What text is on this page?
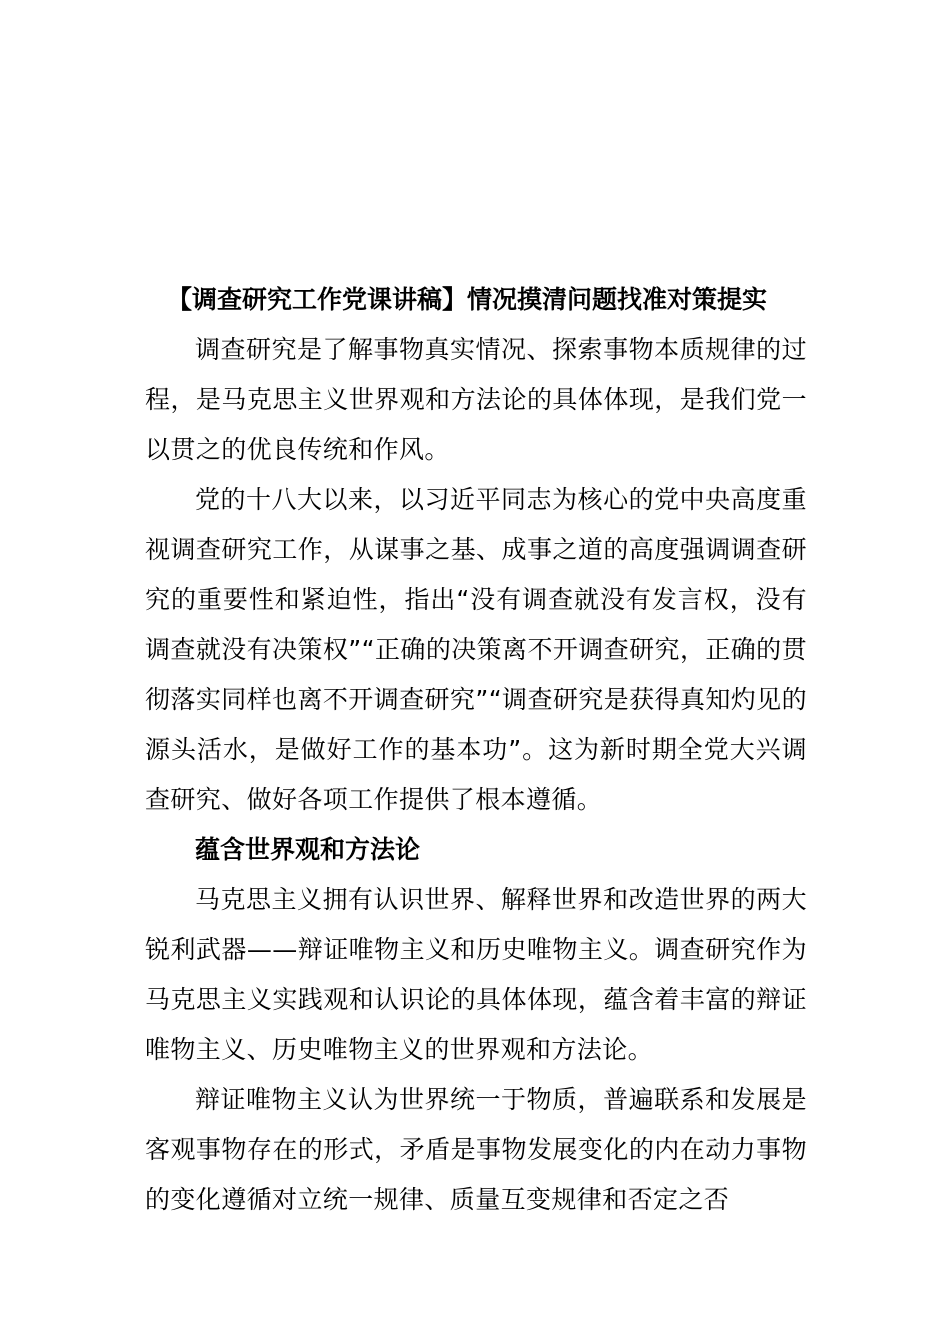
【调查研究工作党课讲稿】情况摸清问题找准对策提实

调查研究是了解事物真实情况、探索事物本质规律的过程，是马克思主义世界观和方法论的具体体现，是我们党一以贯之的优良传统和作风。

党的十八大以来，以习近平同志为核心的党中央高度重视调查研究工作，从谋事之基、成事之道的高度强调调查研究的重要性和紧迫性，指出“没有调查就没有发言权，没有调查就没有决策权”“正确的决策离不开调查研究，正确的贯彻落实同样也离不开调查研究”“调查研究是获得真知灼见的源头活水，是做好工作的基本功”。这为新时期全党大兴调查研究、做好各项工作提供了根本遵循。

蕴含世界观和方法论

马克思主义拥有认识世界、解释世界和改造世界的两大锐利武器——辩证唯物主义和历史唯物主义。调查研究作为马克思主义实践观和认识论的具体体现，蕴含着丰富的辩证唯物主义、历史唯物主义的世界观和方法论。

辩证唯物主义认为世界统一于物质，普遍联系和发展是客观事物存在的形式，矛盾是事物发展变化的内在动力事物的变化遵循对立统一规律、质量互变规律和否定之否
